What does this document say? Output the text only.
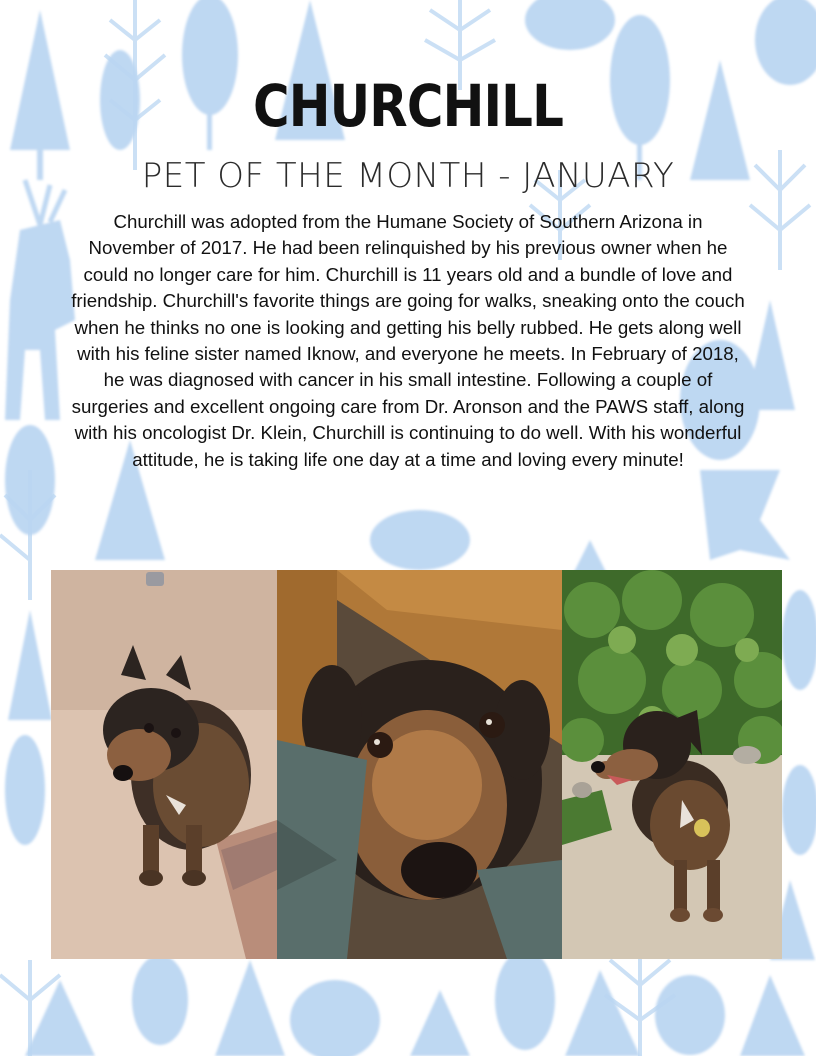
CHURCHILL
PET OF THE MONTH - JANUARY

Churchill was adopted from the Humane Society of Southern Arizona in November of 2017. He had been relinquished by his previous owner when he could no longer care for him. Churchill is 11 years old and a bundle of love and friendship. Churchill's favorite things are going for walks, sneaking onto the couch when he thinks no one is looking and getting his belly rubbed. He gets along well with his feline sister named Iknow, and everyone he meets. In February of 2018, he was diagnosed with cancer in his small intestine. Following a couple of surgeries and excellent ongoing care from Dr. Aronson and the PAWS staff, along with his oncologist Dr. Klein, Churchill is continuing to do well. With his wonderful attitude, he is taking life one day at a time and loving every minute!
